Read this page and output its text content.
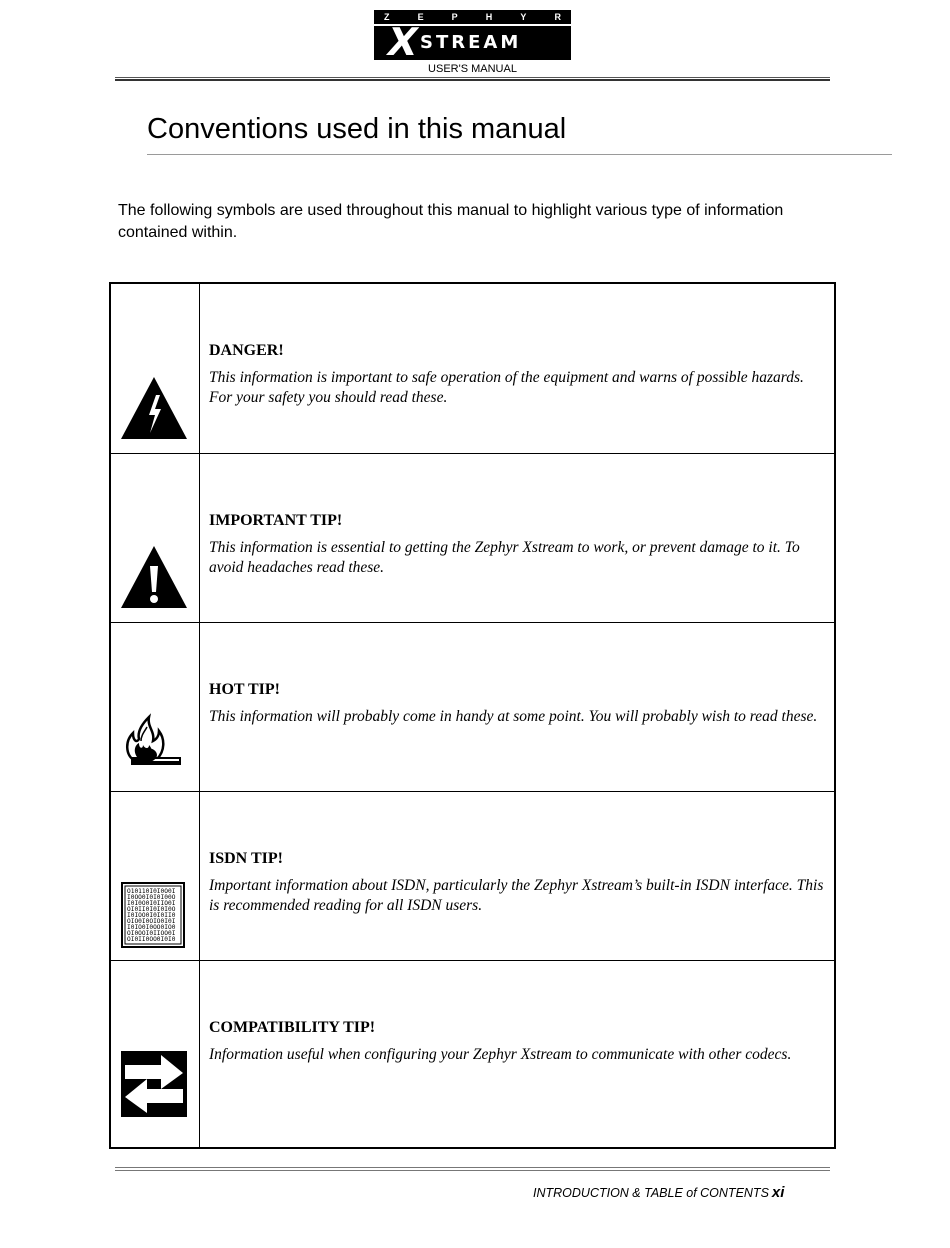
Z	E	P	H	Y	R
X
STREAM
USER'S MANUAL
Conventions used in this manual

The following symbols are used throughout this manual to highlight various type of information contained within.

DANGER!

This information is important to safe operation of the equipment and warns of possible hazards. For your safety you should read these.

IMPORTANT TIP!

This information is essential to getting the Zephyr Xstream to work, or prevent damage to it. To avoid headaches read these.

HOT TIP!

This information will probably come in handy at some point. You will probably wish to read these.

O10110I0I0O0I
I0OO0I0I0I00O
I0I0O0I0IIO0I
OI0II0I0I0I0O
I0IOO0I0I0II0
OIO0I0OIO0I0I
I0IO0I0OO0IO0
OI0OOI0IIOO0I
OI0II0OO0I0I0

ISDN TIP!

Important information about ISDN, particularly the Zephyr Xstream’s built-in ISDN interface. This is recommended reading for all ISDN users.

COMPATIBILITY TIP!

Information useful when configuring your Zephyr Xstream to communicate with other codecs.

INTRODUCTION & TABLE of CONTENTS xi
